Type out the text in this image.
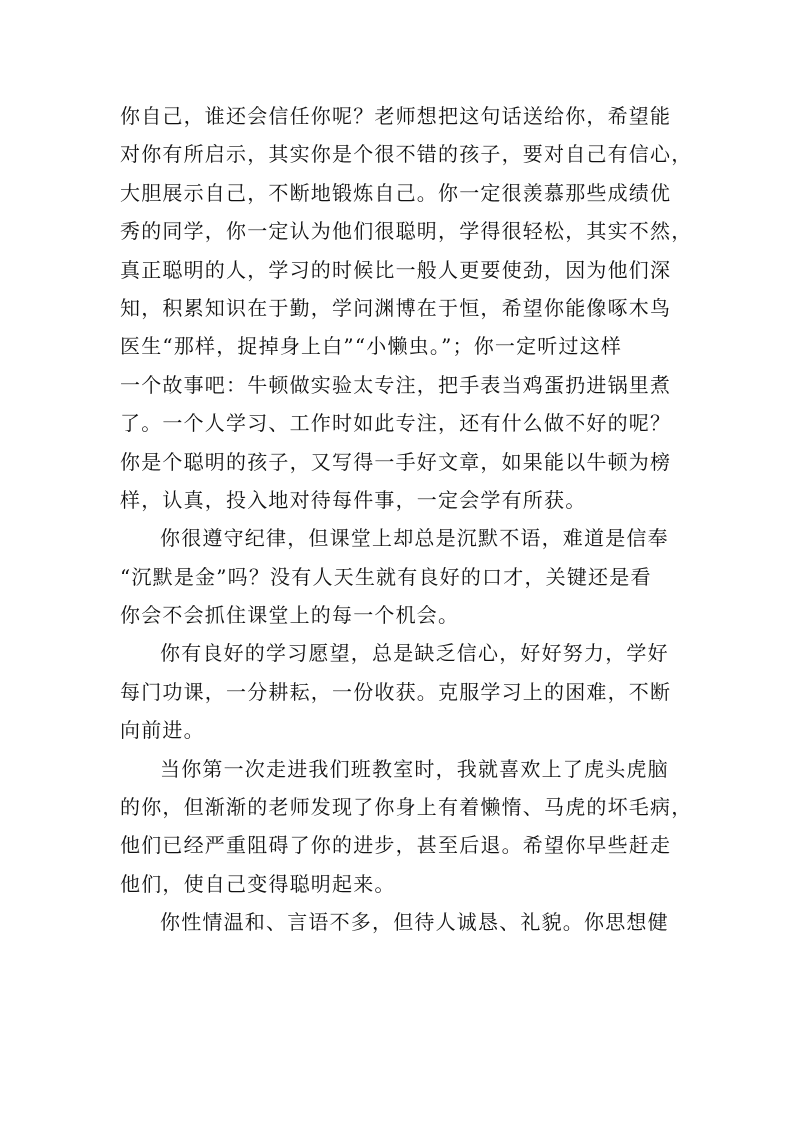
你自己，谁还会信任你呢？老师想把这句话送给你，希望能
对你有所启示，其实你是个很不错的孩子，要对自己有信心，
大胆展示自己，不断地锻炼自己。你一定很羡慕那些成绩优
秀的同学，你一定认为他们很聪明，学得很轻松，其实不然，
真正聪明的人，学习的时候比一般人更要使劲，因为他们深
知，积累知识在于勤，学问渊博在于恒，希望你能像啄木鸟
医生“那样，捉掉身上白”“小懒虫。”；你一定听过这样
一个故事吧：牛顿做实验太专注，把手表当鸡蛋扔进锅里煮
了。一个人学习、工作时如此专注，还有什么做不好的呢？
你是个聪明的孩子，又写得一手好文章，如果能以牛顿为榜
样，认真，投入地对待每件事，一定会学有所获。
你很遵守纪律，但课堂上却总是沉默不语，难道是信奉
“沉默是金”吗？没有人天生就有良好的口才，关键还是看
你会不会抓住课堂上的每一个机会。
你有良好的学习愿望，总是缺乏信心，好好努力，学好
每门功课，一分耕耘，一份收获。克服学习上的困难，不断
向前进。
当你第一次走进我们班教室时，我就喜欢上了虎头虎脑
的你，但渐渐的老师发现了你身上有着懒惰、马虎的坏毛病，
他们已经严重阻碍了你的进步，甚至后退。希望你早些赶走
他们，使自己变得聪明起来。
你性情温和、言语不多，但待人诚恳、礼貌。你思想健
